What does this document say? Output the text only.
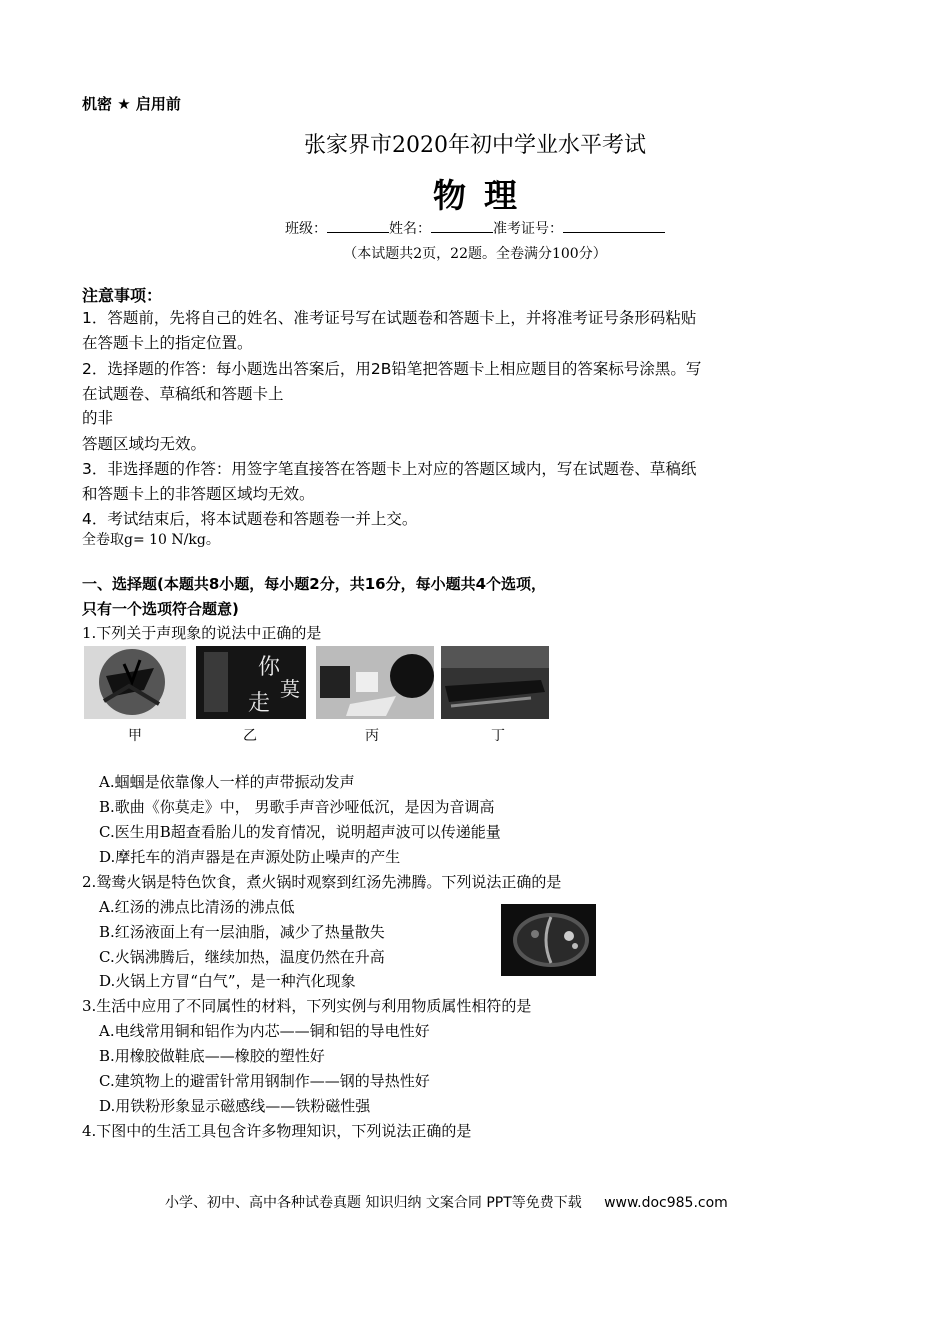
机密 ★ 启用前
张家界市2020年初中学业水平考试
物理
班级：	姓名：	准考证号：
（本试题共2页，22题。全卷满分100分）
注意事项：
1．答题前，先将自己的姓名、准考证号写在试题卷和答题卡上，并将准考证号条形码粘贴
在答题卡上的指定位置。
2．选择题的作答：每小题选出答案后，用2B铅笔把答题卡上相应题目的答案标号涂黑。写
在试题卷、草稿纸和答题卡上
的非
答题区域均无效。
3．非选择题的作答：用签字笔直接答在答题卡上对应的答题区域内，写在试题卷、草稿纸
和答题卡上的非答题区域均无效。
4．考试结束后，将本试题卷和答题卷一并上交。
全卷取g= 10 N/kg。
一、选择题(本题共8小题，每小题2分，共16分，每小题共4个选项，
只有一个选项符合题意)
1.下列关于声现象的说法中正确的是
你
莫
走
甲	乙	丙	丁
A.蝈蝈是依靠像人一样的声带振动发声
B.歌曲《你莫走》中， 男歌手声音沙哑低沉，是因为音调高
C.医生用B超查看胎儿的发育情况，说明超声波可以传递能量
D.摩托车的消声器是在声源处防止噪声的产生
2.鸳鸯火锅是特色饮食，煮火锅时观察到红汤先沸腾。下列说法正确的是
A.红汤的沸点比清汤的沸点低
B.红汤液面上有一层油脂，减少了热量散失
C.火锅沸腾后，继续加热，温度仍然在升高
D.火锅上方冒“白气”，是一种汽化现象
3.生活中应用了不同属性的材料，下列实例与利用物质属性相符的是
A.电线常用铜和铝作为内芯——铜和铝的导电性好
B.用橡胶做鞋底——橡胶的塑性好
C.建筑物上的避雷针常用钢制作——钢的导热性好
D.用铁粉形象显示磁感线——铁粉磁性强
4.下图中的生活工具包含许多物理知识，下列说法正确的是
小学、初中、高中各种试卷真题 知识归纳 文案合同 PPT等免费下载 www.doc985.com
